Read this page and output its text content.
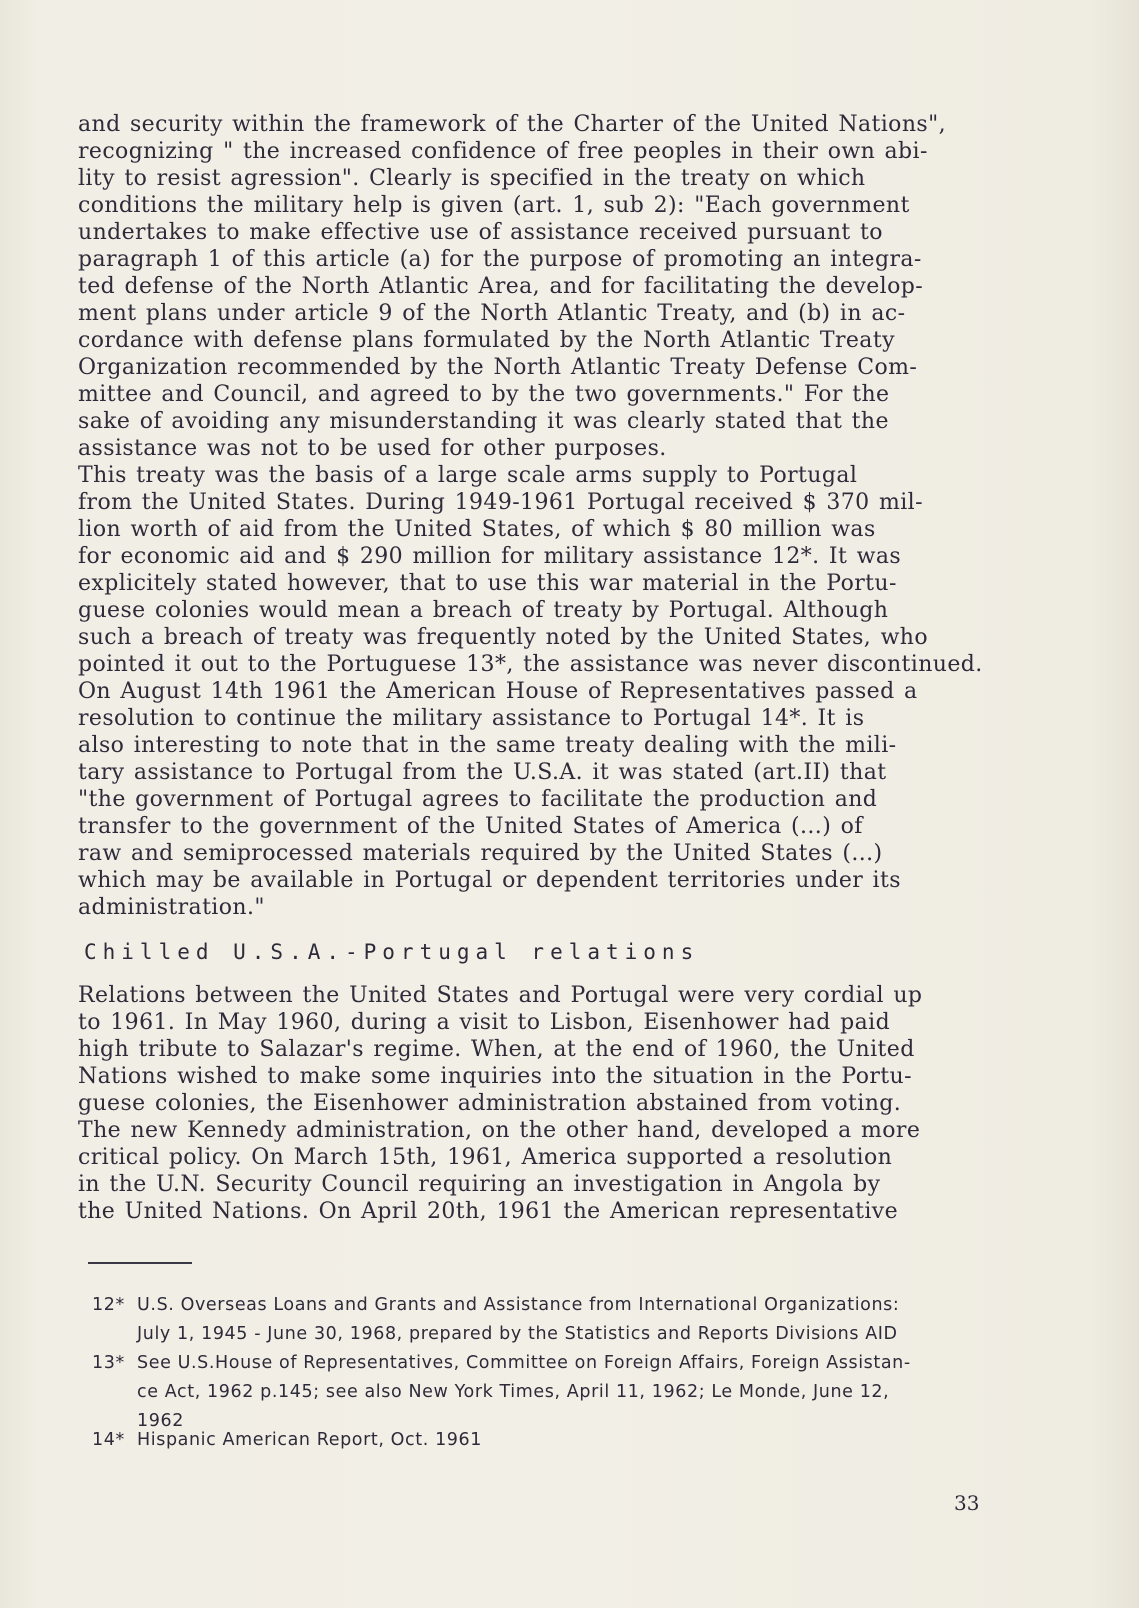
and security within the framework of the Charter of the United Nations",
recognizing " the increased confidence of free peoples in their own abi-
lity to resist agression". Clearly is specified in the treaty on which
conditions the military help is given (art. 1, sub 2): "Each government
undertakes to make effective use of assistance received pursuant to
paragraph 1 of this article (a) for the purpose of promoting an integra-
ted defense of the North Atlantic Area, and for facilitating the develop-
ment plans under article 9 of the North Atlantic Treaty, and (b) in ac-
cordance with defense plans formulated by the North Atlantic Treaty
Organization recommended by the North Atlantic Treaty Defense Com-
mittee and Council, and agreed to by the two governments." For the
sake of avoiding any misunderstanding it was clearly stated that the
assistance was not to be used for other purposes.
This treaty was the basis of a large scale arms supply to Portugal
from the United States. During 1949-1961 Portugal received $ 370 mil-
lion worth of aid from the United States, of which $ 80 million was
for economic aid and $ 290 million for military assistance 12*. It was
explicitely stated however, that to use this war material in the Portu-
guese colonies would mean a breach of treaty by Portugal. Although
such a breach of treaty was frequently noted by the United States, who
pointed it out to the Portuguese 13*, the assistance was never discontinued.
On August 14th 1961 the American House of Representatives passed a
resolution to continue the military assistance to Portugal 14*. It is
also interesting to note that in the same treaty dealing with the mili-
tary assistance to Portugal from the U.S.A. it was stated (art.II) that
"the government of Portugal agrees to facilitate the production and
transfer to the government of the United States of America (...) of
raw and semiprocessed materials required by the United States (...)
which may be available in Portugal or dependent territories under its
administration."
Chilled U.S.A.-Portugal relations
Relations between the United States and Portugal were very cordial up
to 1961. In May 1960, during a visit to Lisbon, Eisenhower had paid
high tribute to Salazar's regime. When, at the end of 1960, the United
Nations wished to make some inquiries into the situation in the Portu-
guese colonies, the Eisenhower administration abstained from voting.
The new Kennedy administration, on the other hand, developed a more
critical policy. On March 15th, 1961, America supported a resolution
in the U.N. Security Council requiring an investigation in Angola by
the United Nations. On April 20th, 1961 the American representative
12* U.S. Overseas Loans and Grants and Assistance from International Organizations:
July 1, 1945 - June 30, 1968, prepared by the Statistics and Reports Divisions AID
13* See U.S.House of Representatives, Committee on Foreign Affairs, Foreign Assistan-
ce Act, 1962 p.145; see also New York Times, April 11, 1962; Le Monde, June 12,
1962
14* Hispanic American Report, Oct. 1961
33
